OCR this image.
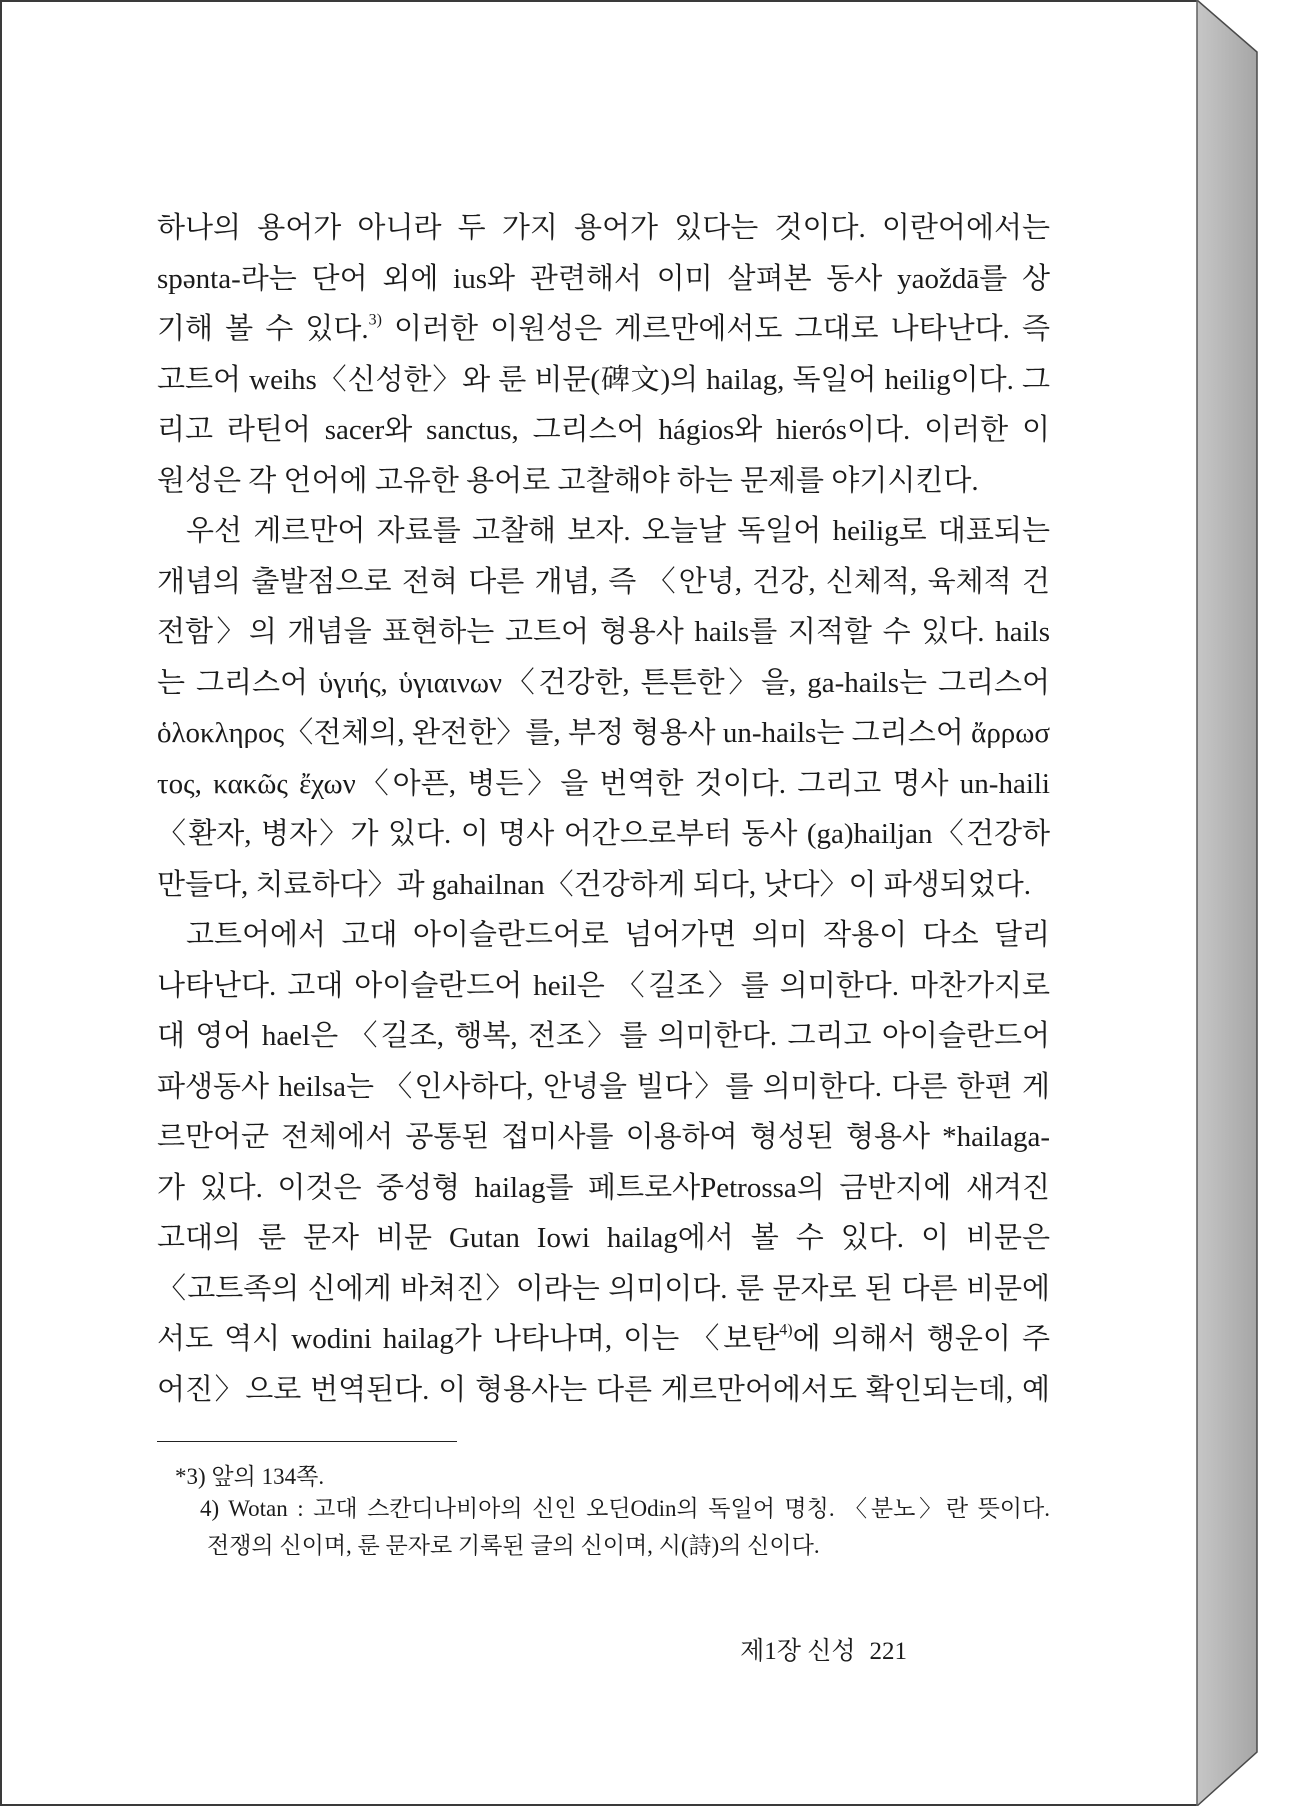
하나의 용어가 아니라 두 가지 용어가 있다는 것이다. 이란어에서는
spənta-라는 단어 외에 ius와 관련해서 이미 살펴본 동사 yaoždā를 상
기해 볼 수 있다.$^{3)}$ 이러한 이원성은 게르만에서도 그대로 나타난다. 즉
고트어 weihs〈신성한〉와 룬 비문(碑文)의 hailag, 독일어 heilig이다. 그
리고 라틴어 sacer와 sanctus, 그리스어 hágios와 hierós이다. 이러한 이
원성은 각 언어에 고유한 용어로 고찰해야 하는 문제를 야기시킨다.
우선 게르만어 자료를 고찰해 보자. 오늘날 독일어 heilig로 대표되는
개념의 출발점으로 전혀 다른 개념, 즉 〈안녕, 건강, 신체적, 육체적 건
전함〉의 개념을 표현하는 고트어 형용사 hails를 지적할 수 있다. hails
는 그리스어 ὑγιής, ὑγιαινων〈건강한, 튼튼한〉을, ga-hails는 그리스어
ὁλοκληρος〈전체의, 완전한〉를, 부정 형용사 un-hails는 그리스어 ἄρρωσ
τος, κακῶς ἔχων〈아픈, 병든〉을 번역한 것이다. 그리고 명사 un-haili
〈환자, 병자〉가 있다. 이 명사 어간으로부터 동사 (ga)hailjan〈건강하
만들다, 치료하다〉과 gahailnan〈건강하게 되다, 낫다〉이 파생되었다.
고트어에서 고대 아이슬란드어로 넘어가면 의미 작용이 다소 달리
나타난다. 고대 아이슬란드어 heil은 〈길조〉를 의미한다. 마찬가지로
대 영어 hael은 〈길조, 행복, 전조〉를 의미한다. 그리고 아이슬란드어
파생동사 heilsa는 〈인사하다, 안녕을 빌다〉를 의미한다. 다른 한편 게
르만어군 전체에서 공통된 접미사를 이용하여 형성된 형용사 *hailaga-
가 있다. 이것은 중성형 hailag를 페트로사Petrossa의 금반지에 새겨진
고대의 룬 문자 비문 Gutan Iowi hailag에서 볼 수 있다. 이 비문은
〈고트족의 신에게 바쳐진〉이라는 의미이다. 룬 문자로 된 다른 비문에
서도 역시 wodini hailag가 나타나며, 이는 〈보탄$^{4)}$에 의해서 행운이 주
어진〉으로 번역된다. 이 형용사는 다른 게르만어에서도 확인되는데, 예
*3) 앞의 134쪽.
4) Wotan : 고대 스칸디나비아의 신인 오딘Odin의 독일어 명칭. 〈분노〉란 뜻이다.
전쟁의 신이며, 룬 문자로 기록된 글의 신이며, 시(詩)의 신이다.
제1장 신성 221
